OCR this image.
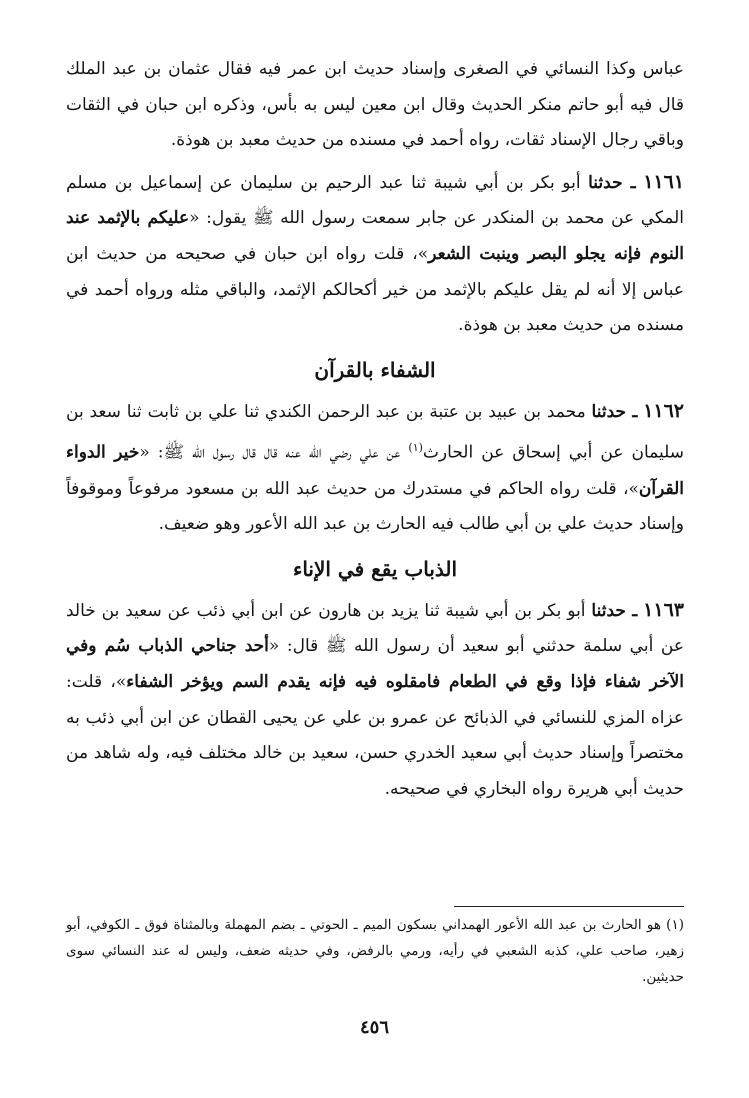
عباس وكذا النسائي في الصغرى وإسناد حديث ابن عمر فيه فقال عثمان بن عبد الملك قال فيه أبو حاتم منكر الحديث وقال ابن معين ليس به بأس، وذكره ابن حبان في الثقات وباقي رجال الإسناد ثقات، رواه أحمد في مسنده من حديث معبد بن هوذة.

١١٦١ ـ حدثنا أبو بكر بن أبي شيبة ثنا عبد الرحيم بن سليمان عن إسماعيل بن مسلم المكي عن محمد بن المنكدر عن جابر سمعت رسول الله ﷺ يقول: «عليكم بالإثمد عند النوم فإنه يجلو البصر وينبت الشعر»، قلت رواه ابن حبان في صحيحه من حديث ابن عباس إلا أنه لم يقل عليكم بالإثمد من خير أكحالكم الإثمد، والباقي مثله ورواه أحمد في مسنده من حديث معبد بن هوذة.

الشفاء بالقرآن

١١٦٢ ـ حدثنا محمد بن عبيد بن عتبة بن عبد الرحمن الكندي ثنا علي بن ثابت ثنا سعد بن سليمان عن أبي إسحاق عن الحارث$^{(١)}$ عن علي رضي الله عنه قال قال رسول الله ﷺ: «خير الدواء القرآن»، قلت رواه الحاكم في مستدرك من حديث عبد الله بن مسعود مرفوعاً وموقوفاً وإسناد حديث علي بن أبي طالب فيه الحارث بن عبد الله الأعور وهو ضعيف.

الذباب يقع في الإناء

١١٦٣ ـ حدثنا أبو بكر بن أبي شيبة ثنا يزيد بن هارون عن ابن أبي ذئب عن سعيد بن خالد عن أبي سلمة حدثني أبو سعيد أن رسول الله ﷺ قال: «أحد جناحي الذباب سُم وفي الآخر شفاء فإذا وقع في الطعام فامقلوه فيه فإنه يقدم السم ويؤخر الشفاء»، قلت: عزاه المزي للنسائي في الذبائح عن عمرو بن علي عن يحيى القطان عن ابن أبي ذئب به مختصراً وإسناد حديث أبي سعيد الخدري حسن، سعيد بن خالد مختلف فيه، وله شاهد من حديث أبي هريرة رواه البخاري في صحيحه.

(١) هو الحارث بن عبد الله الأعور الهمداني بسكون الميم ـ الحوتي ـ بضم المهملة وبالمثناة فوق ـ الكوفي، أبو زهير، صاحب علي، كذبه الشعبي في رأيه، ورمي بالرفض، وفي حديثه ضعف، وليس له عند النسائي سوى حديثين.
٤٥٦
